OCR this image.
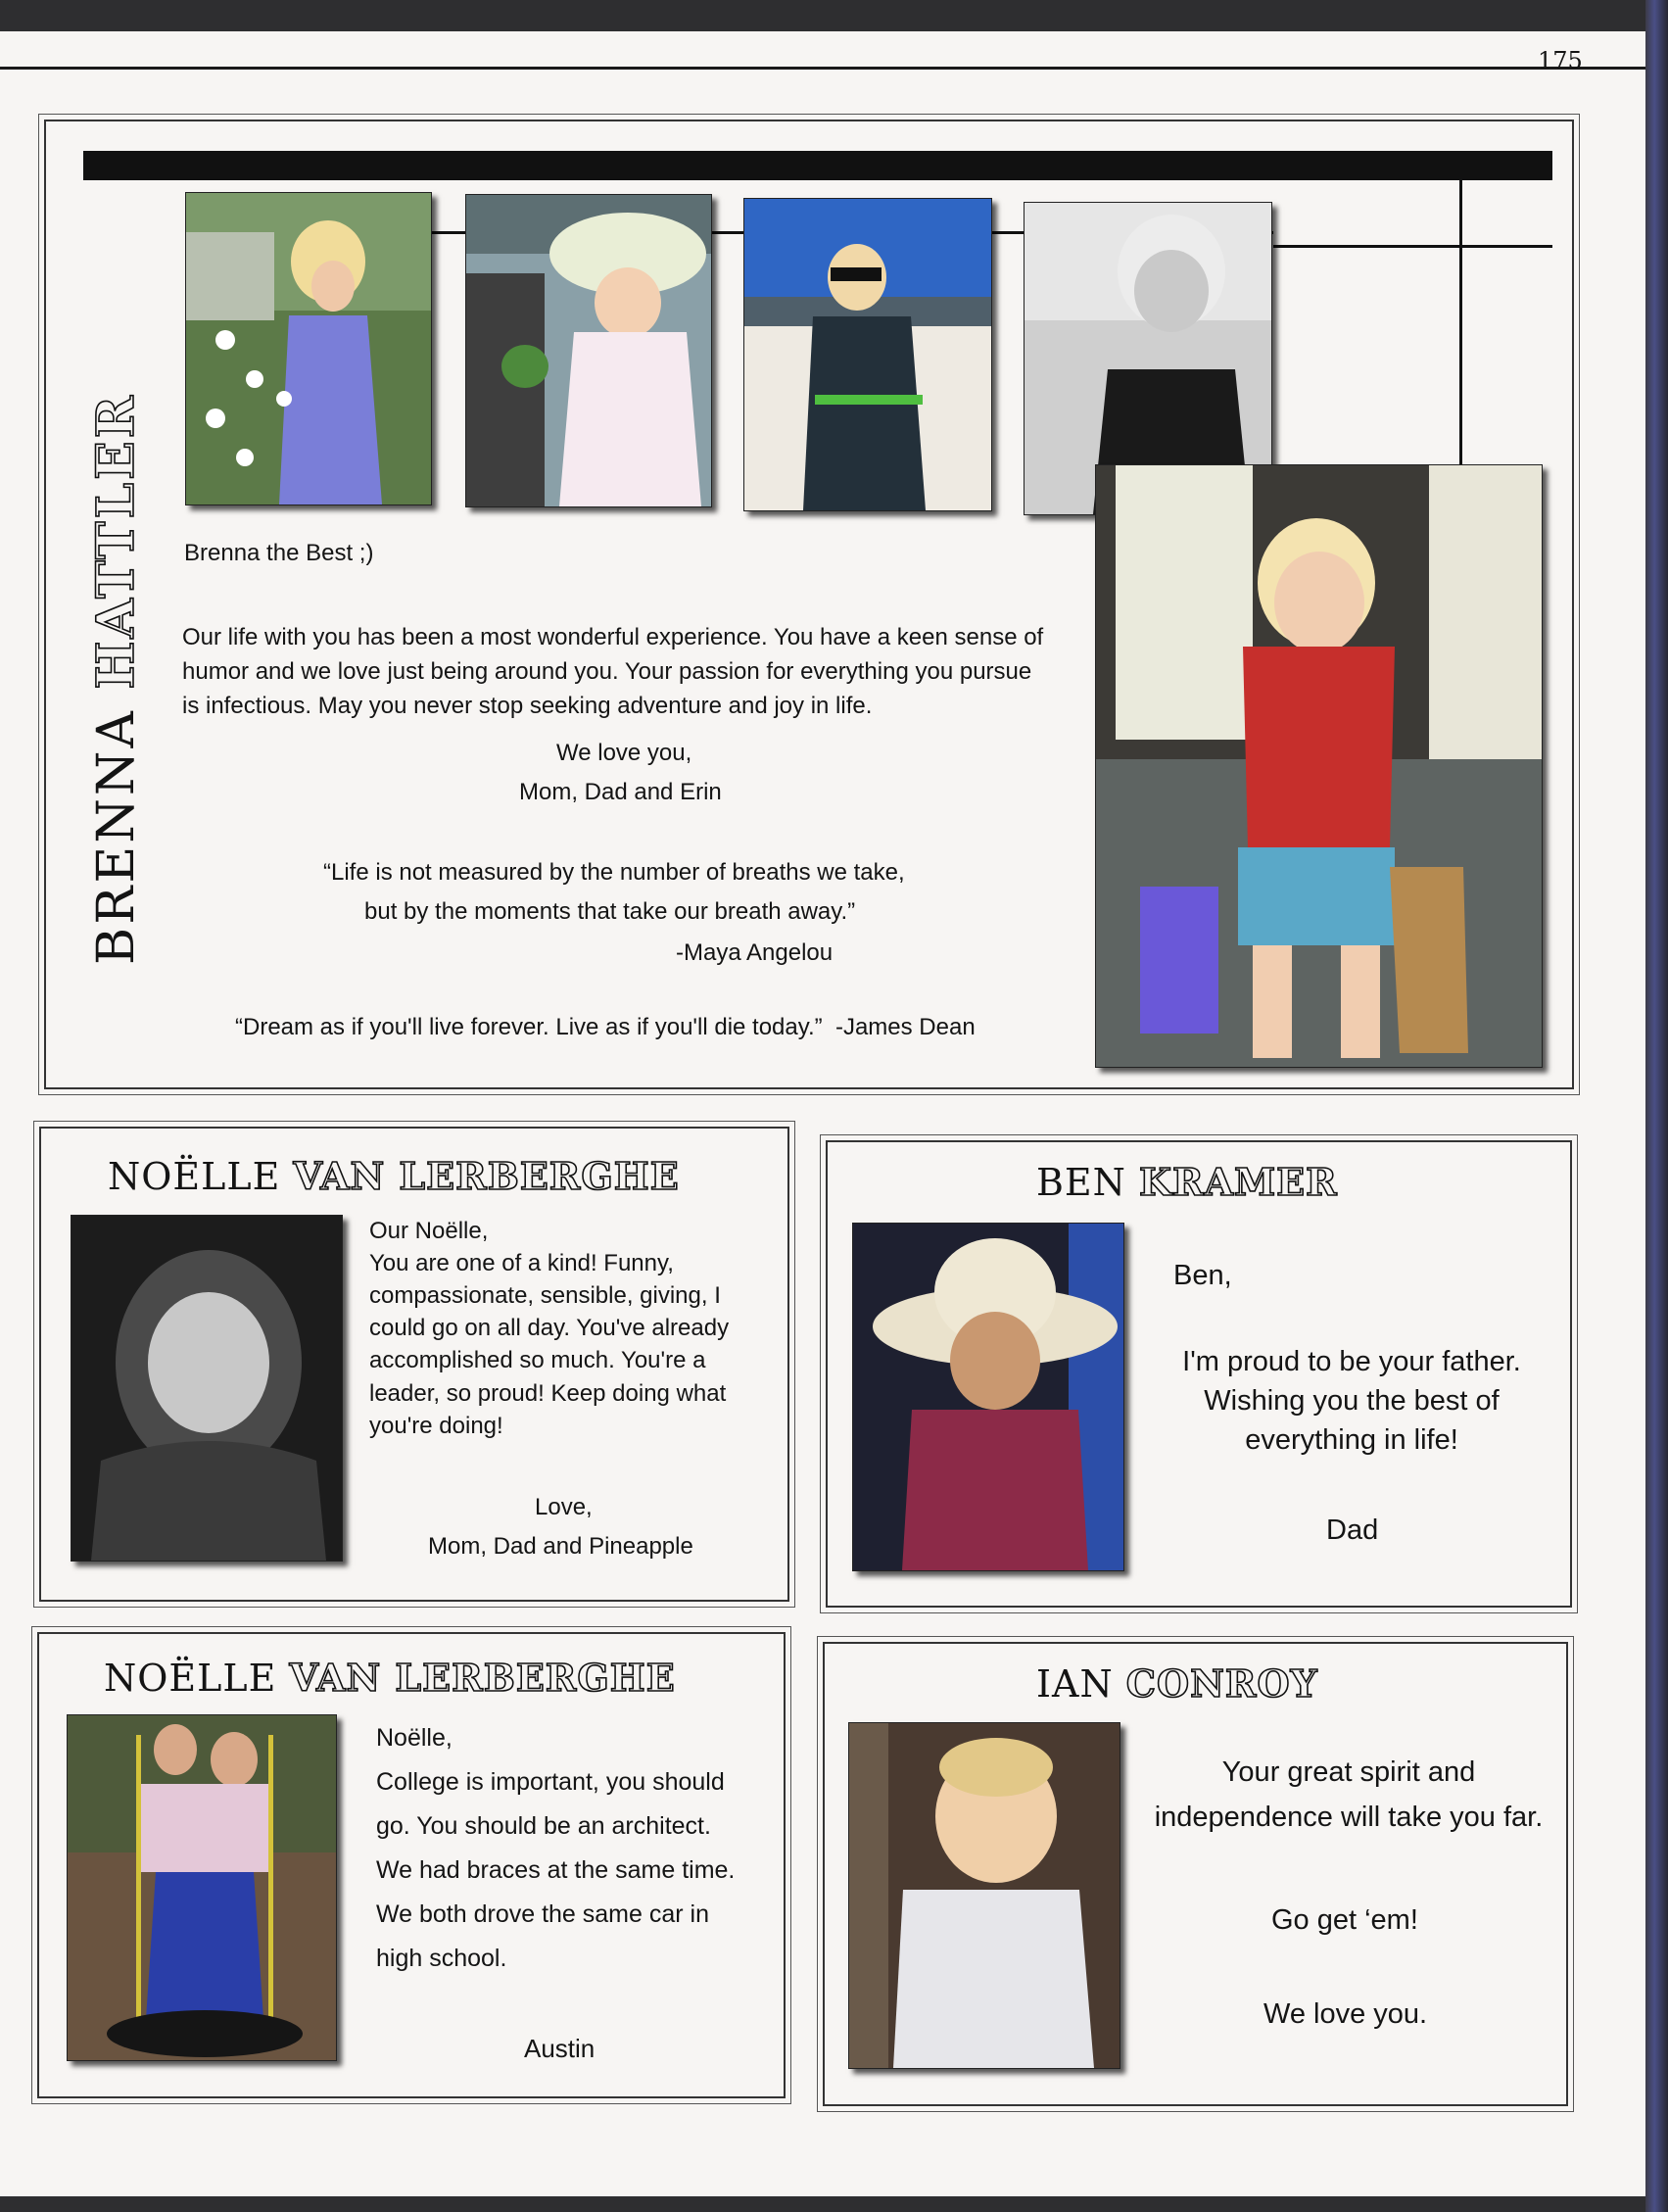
175
BRENNA HATTLER Brenna the Best ;)
Our life with you has been a most wonderful experience. You have a keen sense of
humor and we love just being around you. Your passion for everything you pursue
is infectious. May you never stop seeking adventure and joy in life.
We love you,
Mom, Dad and Erin
“Life is not measured by the number of breaths we take,
but by the moments that take our breath away.”
-Maya Angelou
“Dream as if you'll live forever. Live as if you'll die today.”  -James Dean
NOËLLE VAN LERBERGHE
Our Noëlle,
You are one of a kind! Funny,
compassionate, sensible, giving, I
could go on all day. You've already
accomplished so much. You're a
leader, so proud! Keep doing what
you're doing!
Love,
Mom, Dad and Pineapple
BEN KRAMER
Ben,
I'm proud to be your father.
Wishing you the best of
everything in life!
Dad
NOËLLE VAN LERBERGHE
Noëlle,
College is important, you should
go. You should be an architect.
We had braces at the same time.
We both drove the same car in
high school.
Austin
IAN CONROY
Your great spirit and
independence will take you far.
Go get ‘em!
We love you.
